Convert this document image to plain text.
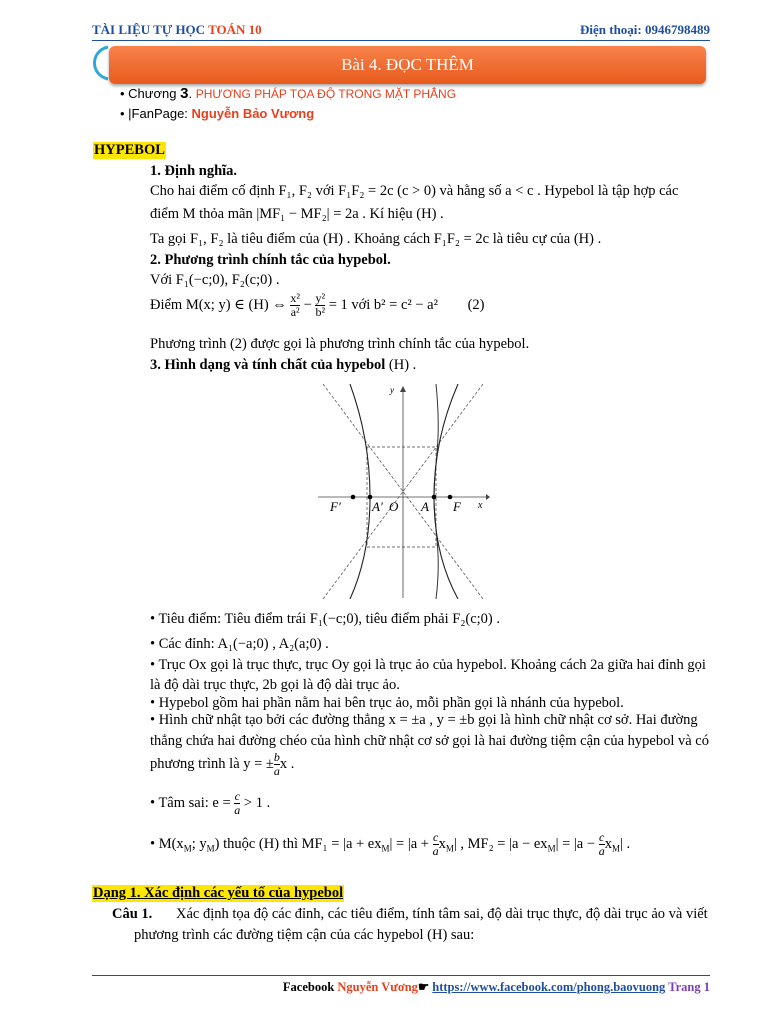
TÀI LIỆU TỰ HỌC TOÁN 10	Điện thoại: 0946798489
Bài 4. ĐỌC THÊM
• Chương 3. PHƯƠNG PHÁP TỌA ĐỘ TRONG MẶT PHẲNG
• |FanPage: Nguyễn Bảo Vương
HYPEBOL
1. Định nghĩa.
Cho hai điểm cố định F₁, F₂ với F₁F₂ = 2c (c > 0) và hằng số a < c . Hypebol là tập hợp các
điểm M thỏa mãn |MF₁ − MF₂| = 2a . Kí hiệu (H) .
Ta gọi F₁, F₂ là tiêu điểm của (H) . Khoảng cách F₁F₂ = 2c là tiêu cự của (H) .
2. Phương trình chính tắc của hypebol.
Với F₁(−c;0), F₂(c;0) .
Điểm M(x; y) ∈ (H) ⇔ $\frac{\text{x²}}{\text{a²}} - \frac{\text{y²}}{\text{b²}} = 1$ với b² = c² − a² (2)
Phương trình (2) được gọi là phương trình chính tắc của hypebol.
3. Hình dạng và tính chất của hypebol (H) .
y
x
F′ A′ O A F
• Tiêu điểm: Tiêu điểm trái F₁(−c;0), tiêu điểm phải F₂(c;0) .
• Các đỉnh: A₁(−a;0) , A₂(a;0) .
• Trục Ox gọi là trục thực, trục Oy gọi là trục ảo của hypebol. Khoảng cách 2a giữa hai đỉnh gọi
là độ dài trục thực, 2b gọi là độ dài trục ảo.
• Hypebol gồm hai phần nằm hai bên trục ảo, mỗi phần gọi là nhánh của hypebol.
• Hình chữ nhật tạo bởi các đường thẳng x = ±a , y = ±b gọi là hình chữ nhật cơ sở. Hai đường
thẳng chứa hai đường chéo của hình chữ nhật cơ sở gọi là hai đường tiệm cận của hypebol và có
phương trình là y = ± $\frac{b}{a}$ x .
• Tâm sai: $e = \frac{c}{a} > 1$ .
• $M(x_M$; $y_M$) thuộc (H) thì $MF_1 = |a + ex_M| = |a + \frac{c}{a} x_M|$ , $MF_2 = |a - ex_M| = |a - \frac{c}{a} x_M|$ .
Dạng 1. Xác định các yếu tố của hypebol
Câu 1. Xác định tọa độ các đỉnh, các tiêu điểm, tính tâm sai, độ dài trục thực, độ dài trục ảo và viết
phương trình các đường tiệm cận của các hypebol (H) sau:
Facebook Nguyễn Vương☛ https://www.facebook.com/phong.baovuong Trang 1
